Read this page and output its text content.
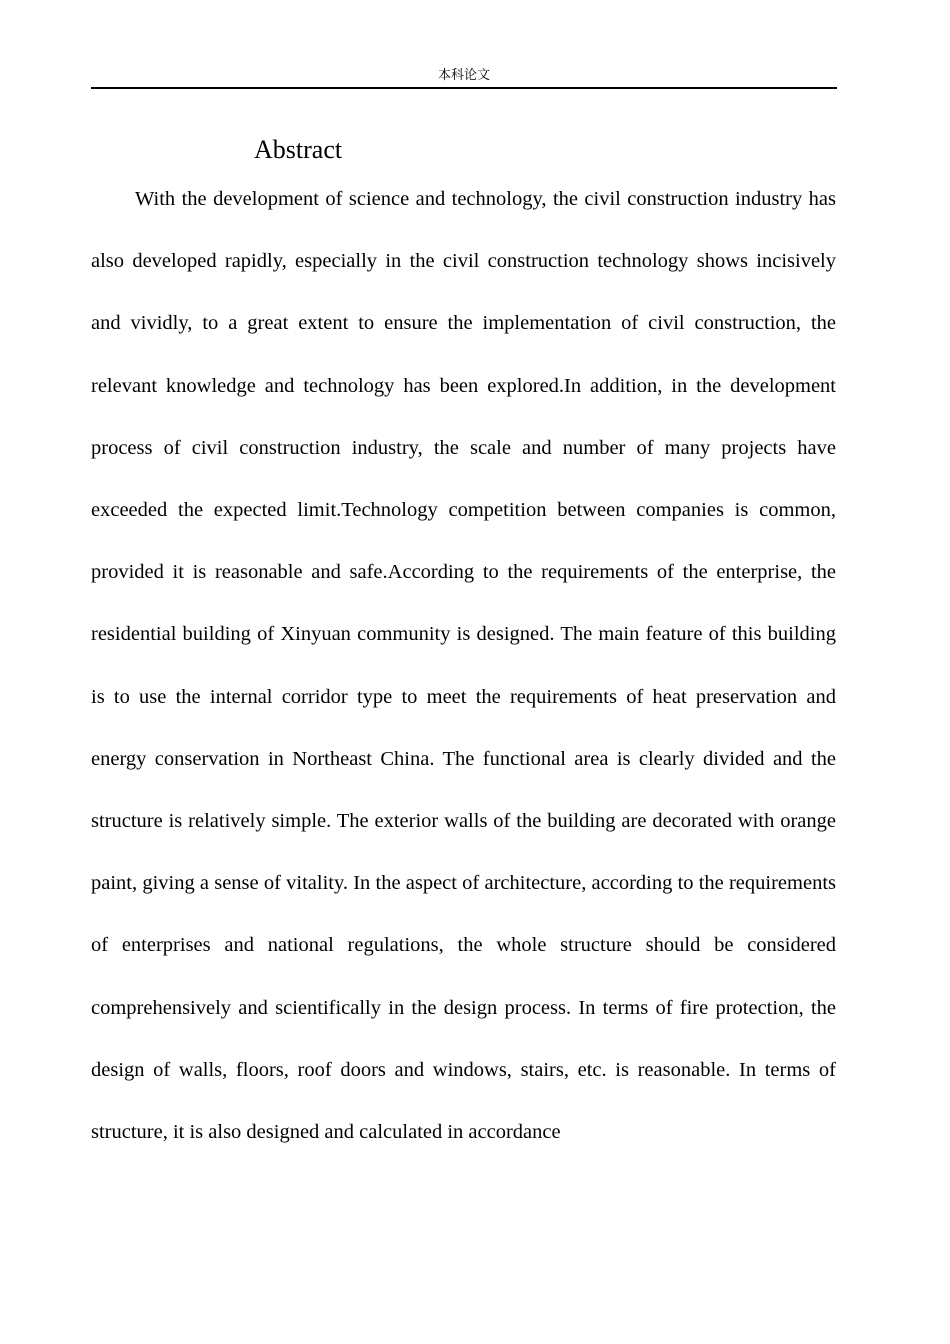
本科论文
Abstract

With the development of science and technology, the civil construction industry has also developed rapidly, especially in the civil construction technology shows incisively and vividly, to a great extent to ensure the implementation of civil construction, the relevant knowledge and technology has been explored.In addition, in the development process of civil construction industry, the scale and number of many projects have exceeded the expected limit.Technology competition between companies is common, provided it is reasonable and safe.According to the requirements of the enterprise, the residential building of Xinyuan community is designed. The main feature of this building is to use the internal corridor type to meet the requirements of heat preservation and energy conservation in Northeast China. The functional area is clearly divided and the structure is relatively simple. The exterior walls of the building are decorated with orange paint, giving a sense of vitality. In the aspect of architecture, according to the requirements of enterprises and national regulations, the whole structure should be considered comprehensively and scientifically in the design process. In terms of fire protection, the design of walls, floors, roof doors and windows, stairs, etc. is reasonable. In terms of structure, it is also designed and calculated in accordance
